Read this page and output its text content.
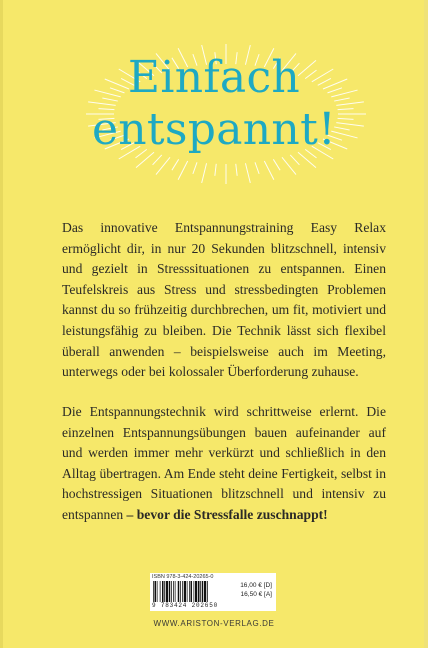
Einfach
entspannt!

Das innovative Entspannungstraining Easy Relax ermöglicht dir, in nur 20 Sekunden blitzschnell, intensiv und gezielt in Stresssituationen zu entspannen. Einen Teufelskreis aus Stress und stressbedingten Problemen kannst du so frühzeitig durchbrechen, um fit, motiviert und leistungsfähig zu bleiben. Die Technik lässt sich flexibel überall anwenden – beispielsweise auch im Meeting, unterwegs oder bei kolossaler Überforderung zuhause.

Die Entspannungstechnik wird schrittweise erlernt. Die einzelnen Entspannungsübungen bauen aufeinander auf und werden immer mehr verkürzt und schließlich in den Alltag übertragen. Am Ende steht deine Fertigkeit, selbst in hochstressigen Situationen blitzschnell und intensiv zu entspannen – bevor die Stressfalle zuschnappt!

ISBN 978-3-424-20265-0
9 783424 202650
16,00 € [D]
16,50 € [A]
WWW.ARISTON-VERLAG.DE
